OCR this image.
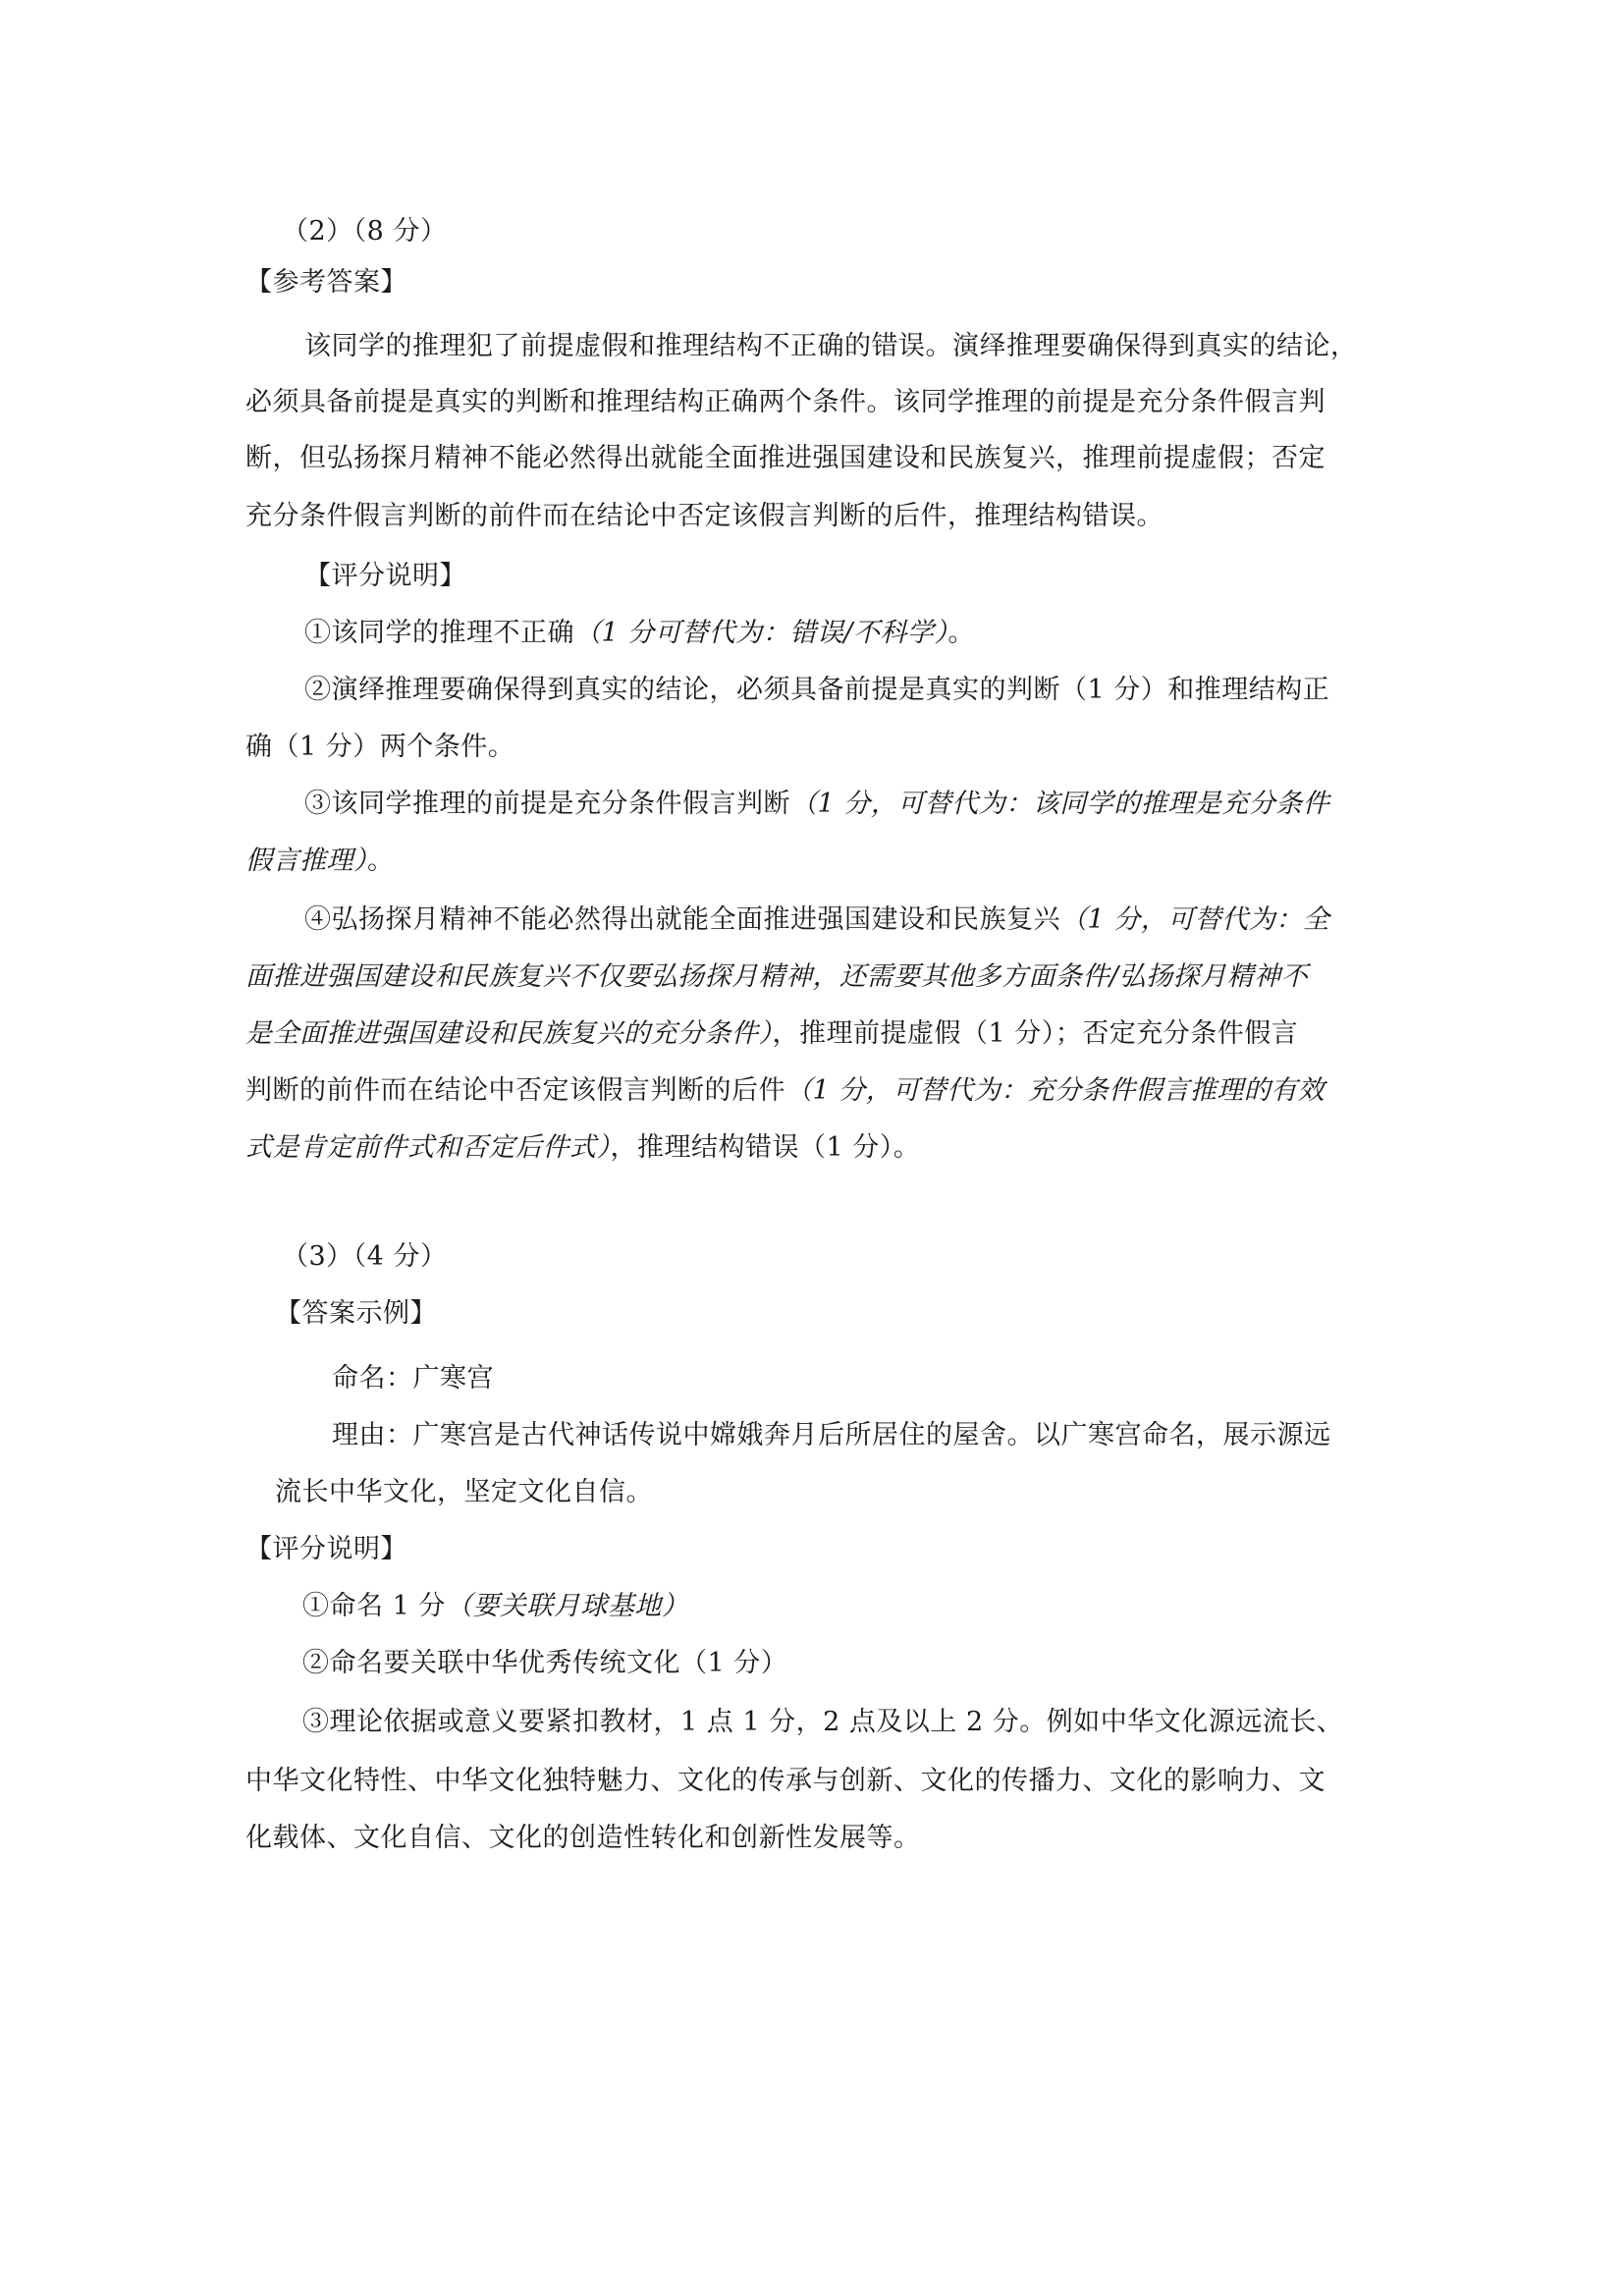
（2）（8 分）
【参考答案】
该同学的推理犯了前提虚假和推理结构不正确的错误。演绎推理要确保得到真实的结论，
必须具备前提是真实的判断和推理结构正确两个条件。该同学推理的前提是充分条件假言判
断，但弘扬探月精神不能必然得出就能全面推进强国建设和民族复兴，推理前提虚假；否定
充分条件假言判断的前件而在结论中否定该假言判断的后件，推理结构错误。
【评分说明】
①该同学的推理不正确（1 分可替代为：错误/不科学）。
②演绎推理要确保得到真实的结论，必须具备前提是真实的判断（1 分）和推理结构正
确（1 分）两个条件。
③该同学推理的前提是充分条件假言判断（1 分，可替代为：该同学的推理是充分条件
假言推理）。
④弘扬探月精神不能必然得出就能全面推进强国建设和民族复兴（1 分，可替代为：全
面推进强国建设和民族复兴不仅要弘扬探月精神，还需要其他多方面条件/弘扬探月精神不
是全面推进强国建设和民族复兴的充分条件），推理前提虚假（1 分）；否定充分条件假言
判断的前件而在结论中否定该假言判断的后件（1 分，可替代为：充分条件假言推理的有效
式是肯定前件式和否定后件式），推理结构错误（1 分）。
（3）（4 分）
【答案示例】
命名：广寒宫
理由：广寒宫是古代神话传说中嫦娥奔月后所居住的屋舍。以广寒宫命名，展示源远
流长中华文化，坚定文化自信。
【评分说明】
①命名 1 分（要关联月球基地）
②命名要关联中华优秀传统文化（1 分）
③理论依据或意义要紧扣教材，1 点 1 分，2 点及以上 2 分。例如中华文化源远流长、
中华文化特性、中华文化独特魅力、文化的传承与创新、文化的传播力、文化的影响力、文
化载体、文化自信、文化的创造性转化和创新性发展等。
